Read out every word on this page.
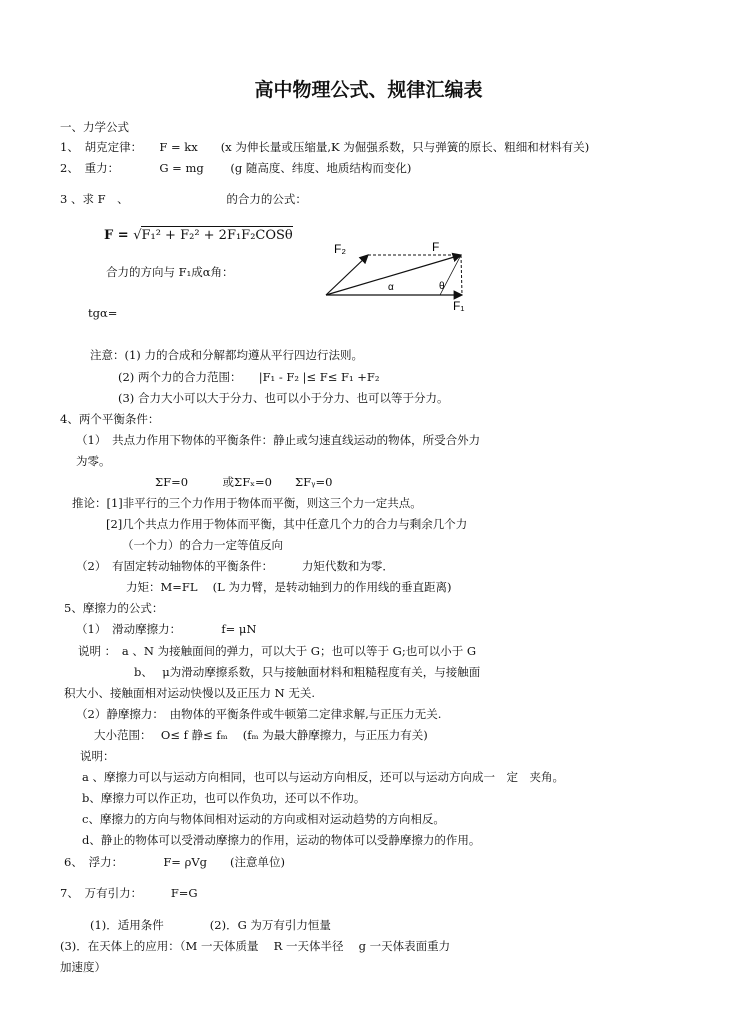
高中物理公式、规律汇编表
一、力学公式
1、　胡克定律：　　F = kx　　(x 为伸长量或压缩量,K 为倔强系数，只与弹簧的原长、粗细和材料有关)
2、　重力：　　　　G = mg　　 (g 随高度、纬度、地质结构而变化)
3 、求 F　、　　　　　　　　　的合力的公式：
F = √F₁² + F₂² + 2F₁F₂COSθ
合力的方向与 F₁成α角：
tgα=
F₂	F
F₁
α	θ
注意：(1) 力的合成和分解都均遵从平行四边行法则。
(2) 两个力的合力范围：　　|F₁ - F₂ |≤ F≤ F₁ +F₂
(3) 合力大小可以大于分力、也可以小于分力、也可以等于分力。
4、两个平衡条件：
（1）　共点力作用下物体的平衡条件：静止或匀速直线运动的物体，所受合外力
为零。
ΣF=0　　　或ΣFₓ=0　　ΣFᵧ=0
推论：[1]非平行的三个力作用于物体而平衡，则这三个力一定共点。
[2]几个共点力作用于物体而平衡，其中任意几个力的合力与剩余几个力
（一个力）的合力一定等值反向
（2）　有固定转动轴物体的平衡条件：　　　力矩代数和为零．
力矩：M=FL　 (L 为力臂，是转动轴到力的作用线的垂直距离)
5、摩擦力的公式：
（1）　滑动摩擦力：　　　　f= μN
说明 ：　a 、N 为接触面间的弹力，可以大于 G；也可以等于 G;也可以小于 G
b、　 μ为滑动摩擦系数，只与接触面材料和粗糙程度有关，与接触面
积大小、接触面相对运动快慢以及正压力 N 无关.
（2）静摩擦力：　由物体的平衡条件或牛顿第二定律求解,与正压力无关.
大小范围：　 O≤ f 静≤ fₘ　 (fₘ 为最大静摩擦力，与正压力有关)
说明：
a 、摩擦力可以与运动方向相同，也可以与运动方向相反，还可以与运动方向成一　定　夹角。
b、摩擦力可以作正功，也可以作负功，还可以不作功。
c、摩擦力的方向与物体间相对运动的方向或相对运动趋势的方向相反。
d、静止的物体可以受滑动摩擦力的作用，运动的物体可以受静摩擦力的作用。
6、　浮力：　　　　F= ρVg　　(注意单位)
7、　万有引力：　　　F=G
(1)．适用条件　　　　(2)．G 为万有引力恒量
(3)．在天体上的应用：（M 一天体质量　 R 一天体半径　 g 一天体表面重力
加速度）
